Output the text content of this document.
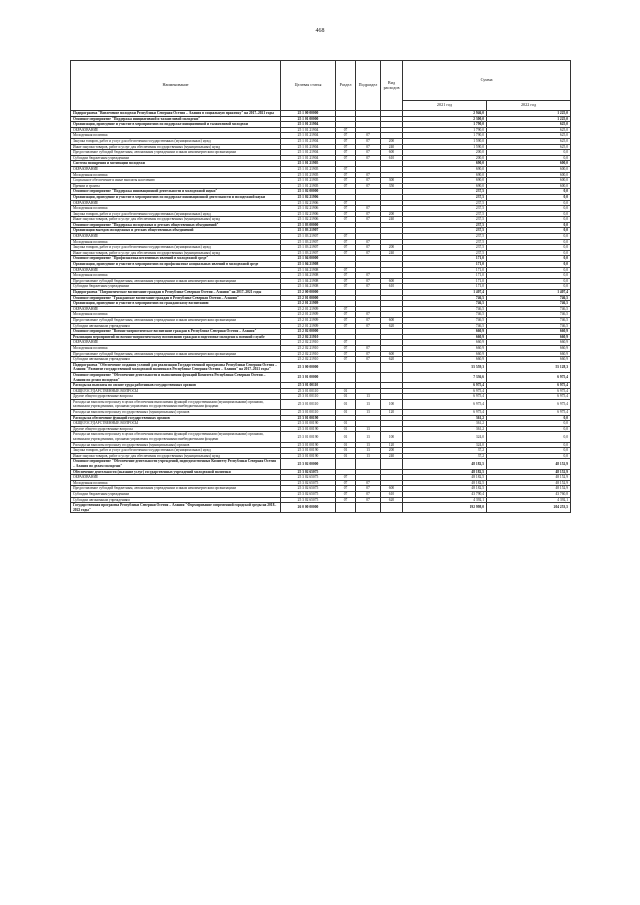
468
Наименование	Целевая статья	Раздел	Подраздел	Вид расходов	Сумма	
					2021 год	2022 год
Подпрограмма "Вовлечение молодежи Республики Северная Осетия – Алания в социальную практику" на 2017–2021 годы	25 1 00 00000				2 946,0	1 225,0
Основное мероприятие "Поддержка инициативной и талантливой молодежи"	25 1 01 00000				2 300,0	1 225,0
Организация, проведение и участие в мероприятиях по поддержке инициативной и талантливой молодежи	25 1 01 21904				1 790,0	625,0
ОБРАЗОВАНИЕ	25 1 01 21904	07			1 790,0	625,0
Молодежная политика	25 1 01 21904	07	07		1 790,0	625,0
Закупка товаров, работ и услуг для обеспечения государственных (муниципальных) нужд	25 1 01 21904	07	07	200	1 590,0	625,0
Иные закупки товаров, работ и услуг для обеспечения государственных (муниципальных) нужд	25 1 01 21904	07	07	240	1 590,0	625,0
Предоставление субсидий бюджетным, автономным учреждениям и иным некоммерческим организациям	25 1 01 21904	07	07	600	200,0	0,0
Субсидии бюджетным учреждениям	25 1 01 21904	07	07	610	200,0	0,0
Система поощрения и мотивации молодежи	25 1 01 21905				690,0	600,0
ОБРАЗОВАНИЕ	25 1 01 21905	07			690,0	600,0
Молодежная политика	25 1 01 21905	07	07		690,0	600,0
Социальное обеспечение и иные выплаты населению	25 1 01 21905	07	07	300	690,0	600,0
Премии и гранты	25 1 01 21905	07	07	350	690,0	600,0
Основное мероприятие "Поддержка инновационной деятельности и молодежной науки"	25 1 02 00000				237,5	0,0
Организация, проведение и участие в мероприятиях по поддержке инновационной деятельности и молодежной науки	25 1 02 21906				237,5	0,0
ОБРАЗОВАНИЕ	25 1 02 21906	07			237,5	0,0
Молодежная политика	25 1 02 21906	07	07		237,5	0,0
Закупка товаров, работ и услуг для обеспечения государственных (муниципальных) нужд	25 1 02 21906	07	07	200	237,5	0,0
Иные закупки товаров, работ и услуг для обеспечения государственных (муниципальных) нужд	25 1 02 21906	07	07	240	237,5	0,0
Основное мероприятие "Поддержка молодежных и детских общественных объединений"	25 1 03 00000				237,5	0,0
Организация выездов молодежных и детских общественных объединений	25 1 03 21907				237,5	0,0
ОБРАЗОВАНИЕ	25 1 03 21907	07			237,5	0,0
Молодежная политика	25 1 03 21907	07	07		237,5	0,0
Закупка товаров, работ и услуг для обеспечения государственных (муниципальных) нужд	25 1 03 21907	07	07	200	237,5	0,0
Иные закупки товаров, работ и услуг для обеспечения государственных (муниципальных) нужд	25 1 03 21907	07	07	240	237,5	0,0
Основное мероприятие "Профилактика негативных явлений в молодежной среде"	25 1 04 00000				171,0	0,0
Организация, проведение и участие в мероприятиях по профилактике асоциальных явлений в молодежной среде	25 1 04 21908				171,0	0,0
ОБРАЗОВАНИЕ	25 1 04 21908	07			171,0	0,0
Молодежная политика	25 1 04 21908	07	07		171,0	0,0
Предоставление субсидий бюджетным, автономным учреждениям и иным некоммерческим организациям	25 1 04 21908	07	07	600	171,0	0,0
Субсидии бюджетным учреждениям	25 1 04 21908	07	07	610	171,0	0,0
Подпрограмма "Патриотическое воспитание граждан в Республике Северная Осетия – Алания" на 2017–2021 годы	25 2 00 00000				1 407,4	1 407,4
Основное мероприятие "Гражданское воспитание граждан в Республике Северная Осетия – Алания"	25 2 01 00000				746,5	746,5
Организация, проведение и участие в мероприятиях по гражданскому воспитанию	25 2 01 21909				746,5	746,5
ОБРАЗОВАНИЕ	25 2 01 21909	07			746,5	746,5
Молодежная политика	25 2 01 21909	07	07		746,5	746,5
Предоставление субсидий бюджетным, автономным учреждениям и иным некоммерческим организациям	25 2 01 21909	07	07	600	746,5	746,5
Субсидии автономным учреждениям	25 2 01 21909	07	07	620	746,5	746,5
Основное мероприятие "Военно-патриотическое воспитание граждан в Республике Северная Осетия – Алания"	25 2 02 00000				660,9	660,9
Реализация мероприятий по военно-патриотическому воспитанию граждан и подготовке молодежи к военной службе	25 2 02 21910				660,9	660,9
ОБРАЗОВАНИЕ	25 2 02 21910	07			660,9	660,9
Молодежная политика	25 2 02 21910	07	07		660,9	660,9
Предоставление субсидий бюджетным, автономным учреждениям и иным некоммерческим организациям	25 2 02 21910	07	07	600	660,9	660,9
Субсидии автономным учреждениям	25 2 02 21910	07	07	620	660,9	660,9
Подпрограмма "Обеспечение создания условий для реализации Государственной программы Республики Северная Осетия – Алания "Развитие государственной молодежной политики в Республике Северная Осетия – Алания" на 2017–2021 годы"	25 3 00 00000				55 559,3	55 128,3
Основное мероприятие "Обеспечение деятельности и выполнения функций Комитета Республики Северная Осетия – Алания по делам молодежи"	25 3 01 00000				7 336,6	6 975,4
Расходы на выплаты по оплате труда работников государственных органов	25 3 01 00110				6 975,4	6 975,4
ОБЩЕГОСУДАРСТВЕННЫЕ ВОПРОСЫ	25 3 01 00110	01			6 975,4	6 975,4
Другие общегосударственные вопросы	25 3 01 00110	01	13		6 975,4	6 975,4
Расходы на выплаты персоналу в целях обеспечения выполнения функций государственными (муниципальными) органами, казенными учреждениями, органами управления государственными внебюджетными фондами	25 3 01 00110	01	13	100	6 975,4	6 975,4
Расходы на выплаты персоналу государственных (муниципальных) органов	25 3 01 00110	01	13	120	6 975,4	6 975,4
Расходы на обеспечение функций государственных органов	25 3 01 00190				361,2	0,0
ОБЩЕГОСУДАРСТВЕННЫЕ ВОПРОСЫ	25 3 01 00190	01			361,2	0,0
Другие общегосударственные вопросы	25 3 01 00190	01	13		361,2	0,0
Расходы на выплаты персоналу в целях обеспечения выполнения функций государственными (муниципальными) органами, казенными учреждениями, органами управления государственными внебюджетными фондами	25 3 01 00190	01	13	100	324,0	0,0
Расходы на выплаты персоналу государственных (муниципальных) органов	25 3 01 00190	01	13	120	324,0	0,0
Закупка товаров, работ и услуг для обеспечения государственных (муниципальных) нужд	25 3 01 00190	01	13	200	37,2	0,0
Иные закупки товаров, работ и услуг для обеспечения государственных (муниципальных) нужд	25 3 01 00190	01	13	240	37,2	0,0
Основное мероприятие "Обеспечение деятельности учреждений, подведомственных Комитету Республики Северная Осетия – Алания по делам молодежи"	25 3 02 00000				48 182,5	48 152,9
Обеспечение деятельности (оказание услуг) государственных учреждений молодежной политики	25 3 02 65075				48 182,5	48 152,9
ОБРАЗОВАНИЕ	25 3 02 65075	07			48 182,5	48 152,9
Молодежная политика	25 3 02 65075	07	07		48 182,5	48 152,9
Предоставление субсидий бюджетным, автономным учреждениям и иным некоммерческим организациям	25 3 02 65075	07	07	600	48 182,5	48 152,9
Субсидии бюджетным учреждениям	25 3 02 65075	07	07	610	43 790,4	43 760,8
Субсидии автономным учреждениям	25 3 02 65075	07	07	620	4 392,1	4 392,1
Государственная программа Республики Северная Осетия – Алания "Формирование современной городской среды на 2018–2022 годы"	26 0 00 00000				192 998,0	204 253,5
